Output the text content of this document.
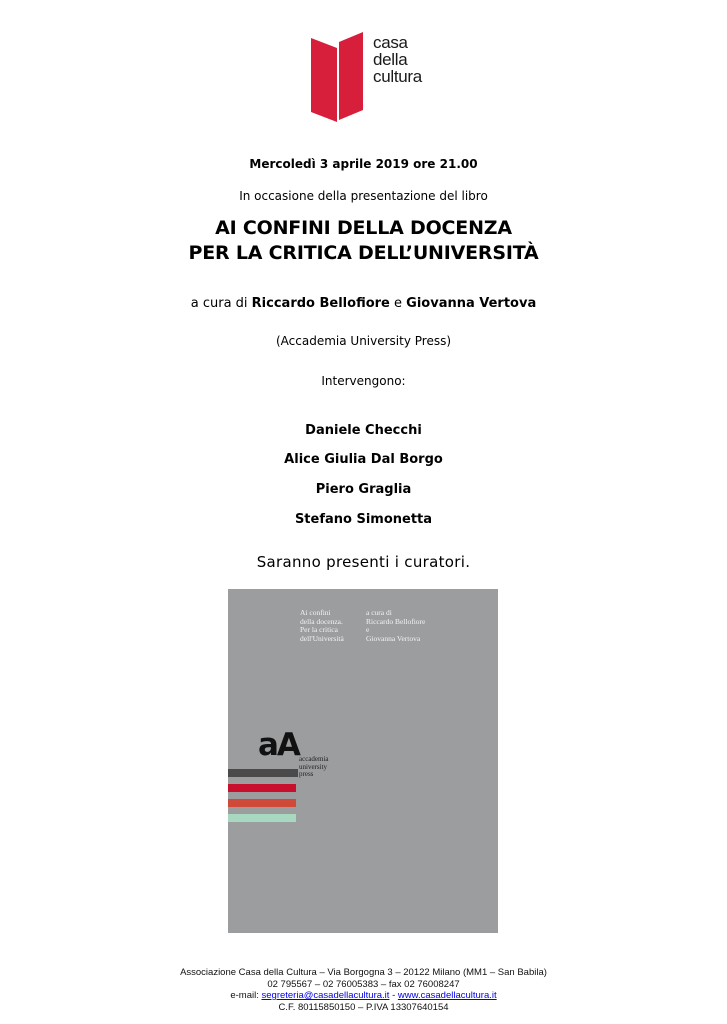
casa
della
cultura
Mercoledì 3 aprile 2019 ore 21.00
In occasione della presentazione del libro
AI CONFINI DELLA DOCENZA
PER LA CRITICA DELL’UNIVERSITÀ
a cura di Riccardo Bellofiore e Giovanna Vertova
(Accademia University Press)
Intervengono:
Daniele Checchi
Alice Giulia Dal Borgo
Piero Graglia
Stefano Simonetta
Saranno presenti i curatori.
Ai confini
della docenza.
Per la critica
dell'Università
a cura di
Riccardo Bellofiore
e
Giovanna Vertova
aA accademia
university
press
Associazione Casa della Cultura – Via Borgogna 3 – 20122 Milano (MM1 – San Babila)
02 795567 – 02 76005383 – fax 02 76008247
e-mail: segreteria@casadellacultura.it - www.casadellacultura.it
C.F. 80115850150 – P.IVA 13307640154
